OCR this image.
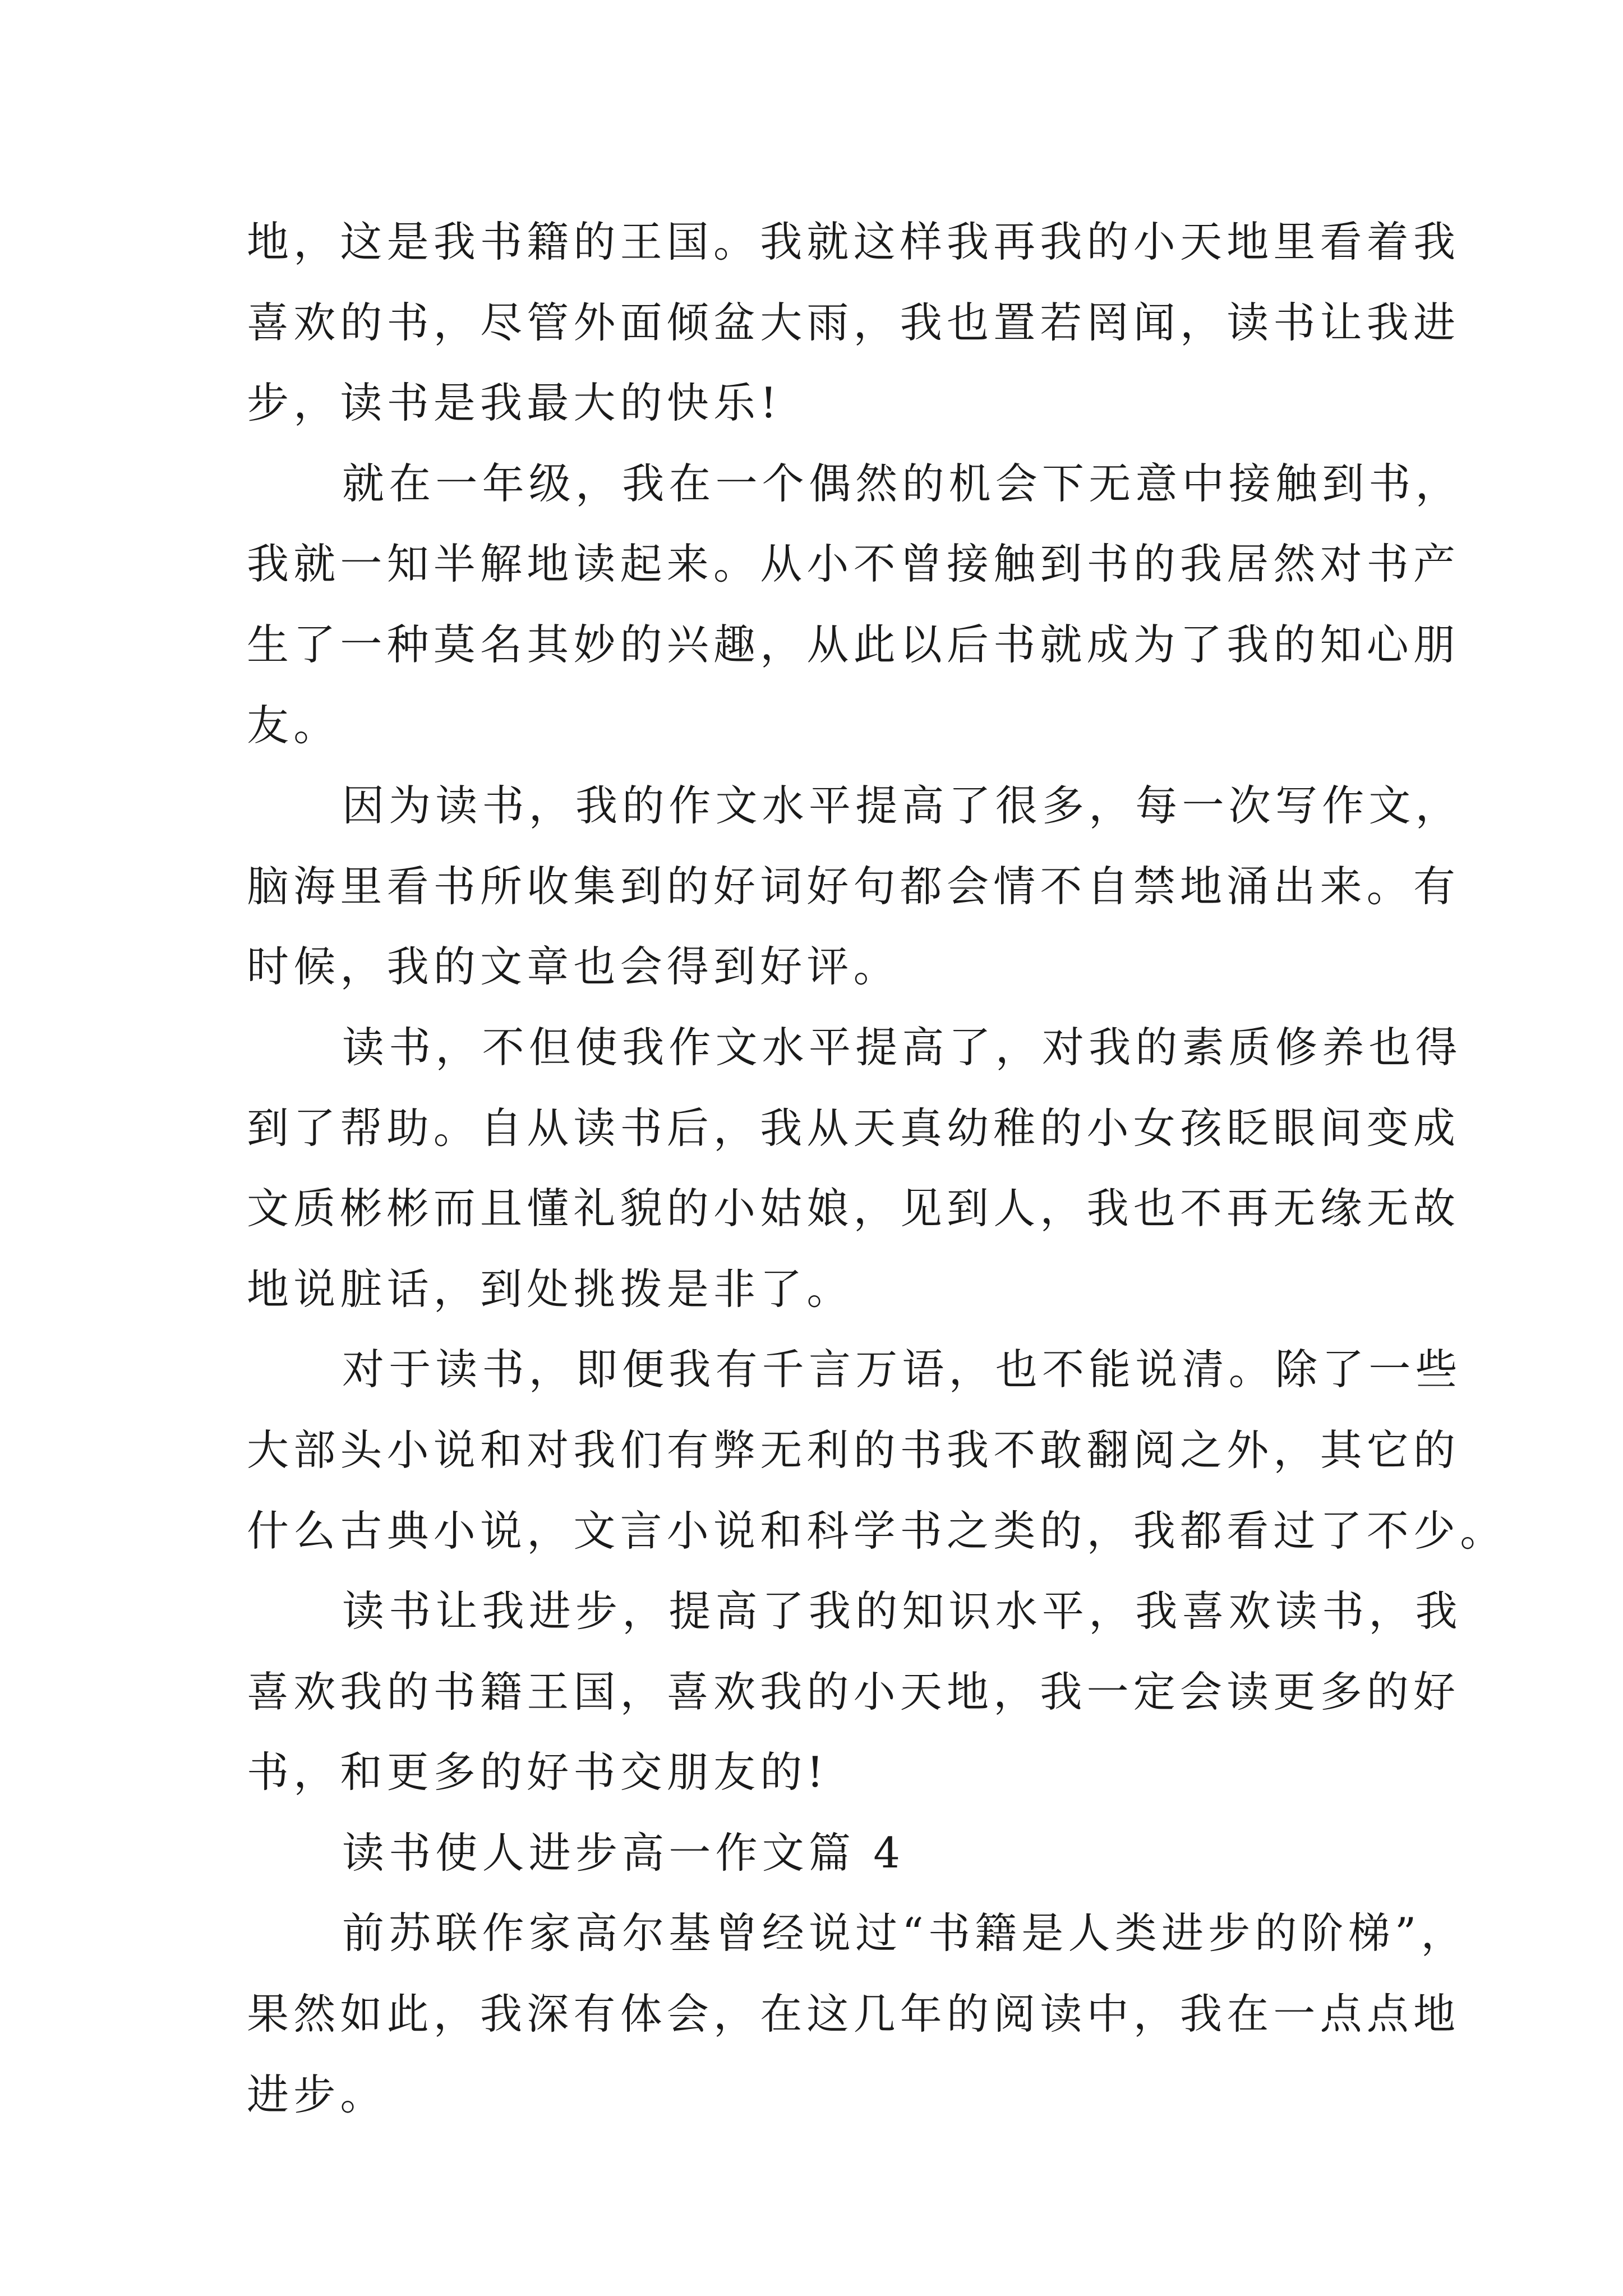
地，这是我书籍的王国。我就这样我再我的小天地里看着我
喜欢的书，尽管外面倾盆大雨，我也置若罔闻，读书让我进
步，读书是我最大的快乐!
就在一年级，我在一个偶然的机会下无意中接触到书，
我就一知半解地读起来。从小不曾接触到书的我居然对书产
生了一种莫名其妙的兴趣，从此以后书就成为了我的知心朋
友。
因为读书，我的作文水平提高了很多，每一次写作文，
脑海里看书所收集到的好词好句都会情不自禁地涌出来。有
时候，我的文章也会得到好评。
读书，不但使我作文水平提高了，对我的素质修养也得
到了帮助。自从读书后，我从天真幼稚的小女孩眨眼间变成
文质彬彬而且懂礼貌的小姑娘，见到人，我也不再无缘无故
地说脏话，到处挑拨是非了。
对于读书，即便我有千言万语，也不能说清。除了一些
大部头小说和对我们有弊无利的书我不敢翻阅之外，其它的
什么古典小说，文言小说和科学书之类的，我都看过了不少。
读书让我进步，提高了我的知识水平，我喜欢读书，我
喜欢我的书籍王国，喜欢我的小天地，我一定会读更多的好
书，和更多的好书交朋友的!
读书使人进步高一作文篇 4
前苏联作家高尔基曾经说过“书籍是人类进步的阶梯”，
果然如此，我深有体会，在这几年的阅读中，我在一点点地
进步。
